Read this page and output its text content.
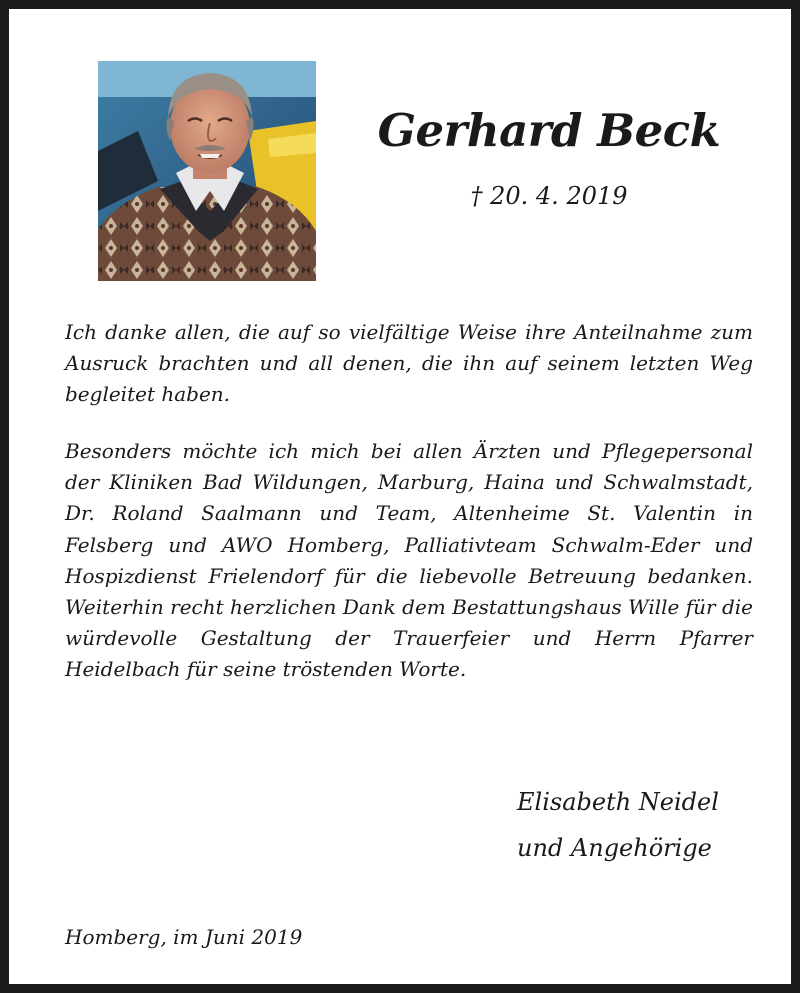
Gerhard Beck
† 20. 4. 2019

Ich danke allen, die auf so vielfältige Weise ihre Anteilnahme zum Ausruck brachten und all denen, die ihn auf seinem letzten Weg begleitet haben.

Besonders möchte ich mich bei allen Ärzten und Pflegepersonal der Kliniken Bad Wildungen, Marburg, Haina und Schwalmstadt, Dr. Roland Saalmann und Team, Altenheime St. Valentin in Felsberg und AWO Homberg, Palliativteam Schwalm-Eder und Hospizdienst Frielendorf für die liebevolle Betreuung bedanken. Weiterhin recht herzlichen Dank dem Bestattungshaus Wille für die würdevolle Gestaltung der Trauerfeier und Herrn Pfarrer Heidelbach für seine tröstenden Worte.

Elisabeth Neidel
und Angehörige
Homberg, im Juni 2019
